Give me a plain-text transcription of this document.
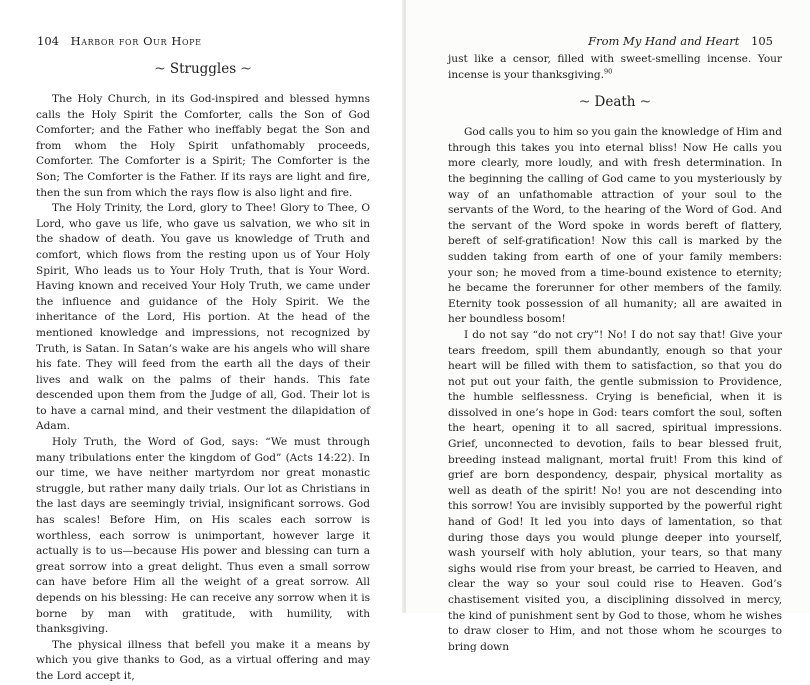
104 Harbor for Our Hope
~ Struggles ~

The Holy Church, in its God-inspired and blessed hymns calls the Holy Spirit the Comforter, calls the Son of God Comforter; and the Father who ineffably begat the Son and from whom the Holy Spirit unfathomably proceeds, Comforter. The Comforter is a Spirit; The Comforter is the Son; The Comforter is the Father. If its rays are light and fire, then the sun from which the rays flow is also light and fire.

The Holy Trinity, the Lord, glory to Thee! Glory to Thee, O Lord, who gave us life, who gave us salvation, we who sit in the shadow of death. You gave us knowledge of Truth and comfort, which flows from the resting upon us of Your Holy Spirit, Who leads us to Your Holy Truth, that is Your Word. Having known and received Your Holy Truth, we came under the influence and guidance of the Holy Spirit. We the inheritance of the Lord, His portion. At the head of the mentioned knowledge and impressions, not recognized by Truth, is Satan. In Satan’s wake are his angels who will share his fate. They will feed from the earth all the days of their lives and walk on the palms of their hands. This fate descended upon them from the Judge of all, God. Their lot is to have a carnal mind, and their vestment the dilapidation of Adam.

Holy Truth, the Word of God, says: “We must through many tribulations enter the kingdom of God” (Acts 14:22). In our time, we have neither martyrdom nor great monastic struggle, but rather many daily trials. Our lot as Christians in the last days are seemingly trivial, insignificant sorrows. God has scales! Before Him, on His scales each sorrow is worthless, each sorrow is unimportant, however large it actually is to us—because His power and blessing can turn a great sorrow into a great delight. Thus even a small sorrow can have before Him all the weight of a great sorrow. All depends on his blessing: He can receive any sorrow when it is borne by man with gratitude, with humility, with thanksgiving.

The physical illness that befell you make it a means by which you give thanks to God, as a virtual offering and may the Lord accept it,

From My Hand and Heart 105

just like a censor, filled with sweet-smelling incense. Your incense is your thanksgiving.$^{90}$

~ Death ~

God calls you to him so you gain the knowledge of Him and through this takes you into eternal bliss! Now He calls you more clearly, more loudly, and with fresh determination. In the beginning the calling of God came to you mysteriously by way of an unfathomable attraction of your soul to the servants of the Word, to the hearing of the Word of God. And the servant of the Word spoke in words bereft of flattery, bereft of self-gratification! Now this call is marked by the sudden taking from earth of one of your family members: your son; he moved from a time-bound existence to eternity; he became the forerunner for other members of the family. Eternity took possession of all humanity; all are awaited in her boundless bosom!

I do not say “do not cry”! No! I do not say that! Give your tears freedom, spill them abundantly, enough so that your heart will be filled with them to satisfaction, so that you do not put out your faith, the gentle submission to Providence, the humble selflessness. Crying is beneficial, when it is dissolved in one’s hope in God: tears comfort the soul, soften the heart, opening it to all sacred, spiritual impressions. Grief, unconnected to devotion, fails to bear blessed fruit, breeding instead malignant, mortal fruit! From this kind of grief are born despondency, despair, physical mortality as well as death of the spirit! No! you are not descending into this sorrow! You are invisibly supported by the powerful right hand of God! It led you into days of lamentation, so that during those days you would plunge deeper into yourself, wash yourself with holy ablution, your tears, so that many sighs would rise from your breast, be carried to Heaven, and clear the way so your soul could rise to Heaven. God’s chastisement visited you, a disciplining dissolved in mercy, the kind of punishment sent by God to those, whom he wishes to draw closer to Him, and not those whom he scourges to bring down
